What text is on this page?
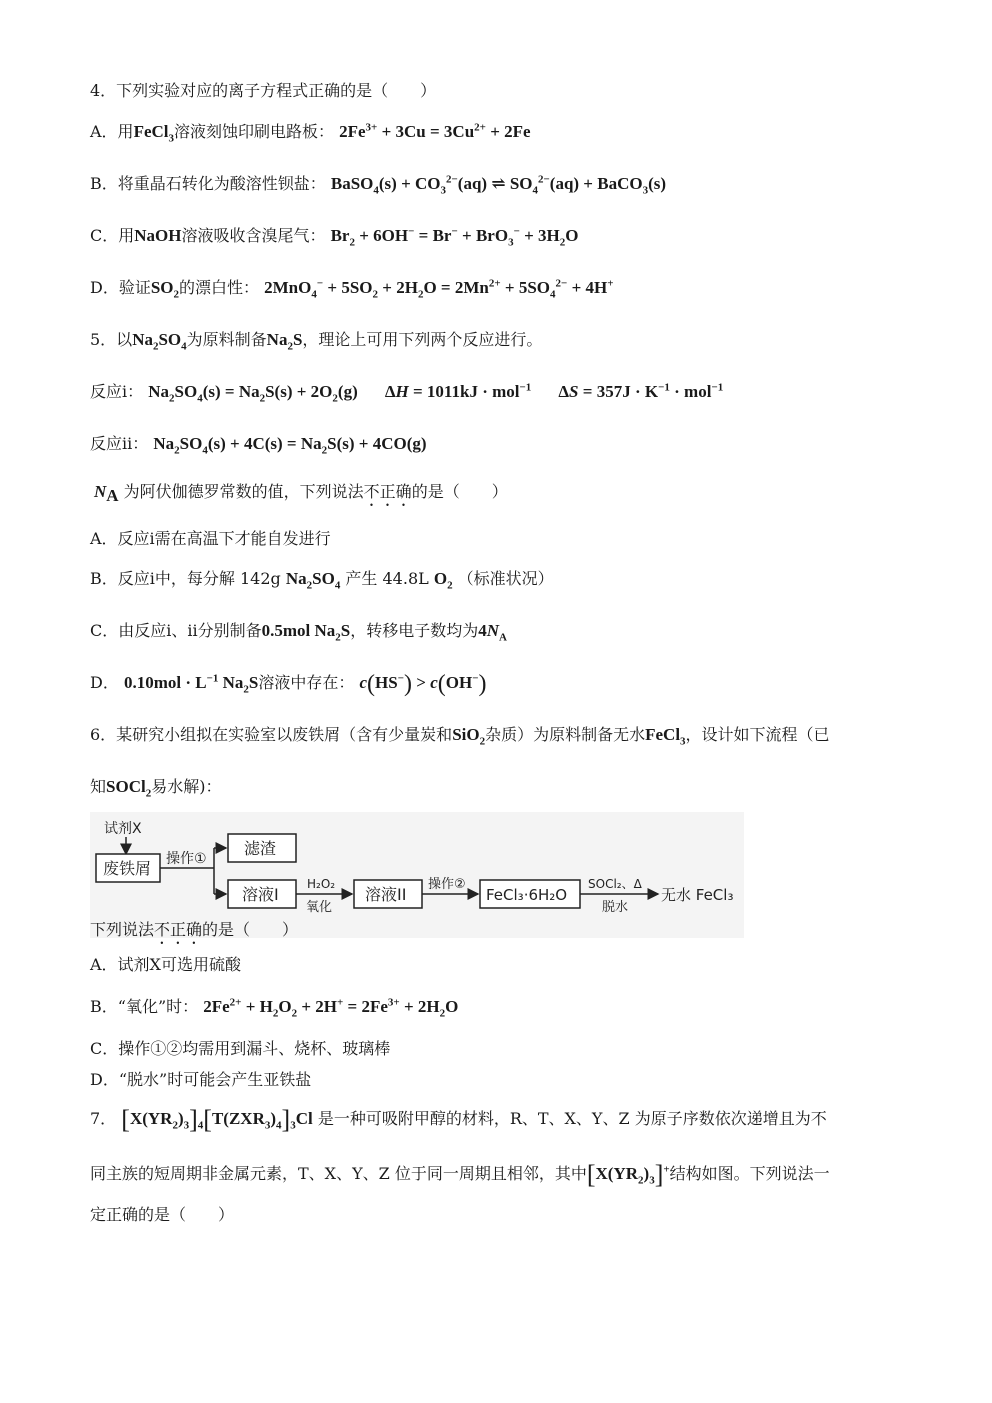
4．下列实验对应的离子方程式正确的是（　　）
A．用FeCl$_3$溶液刻蚀印刷电路板： $2Fe^{3+} + 3Cu = 3Cu^{2+} + 2Fe$
B．将重晶石转化为酸溶性钡盐： BaSO$_4$(s) + $CO_3^{2-}(aq)$ ⇌ $SO_4^{2-}(aq)$ + BaCO$_3$(s)
C．用NaOH溶液吸收含溴尾气： $Br_2 + 6OH^- = Br^- + BrO_3^- + 3H_2O$
D．验证$SO_2$的漂白性： $2MnO_4^- + 5SO_2 + 2H_2O = 2Mn^{2+} + 5SO_4^{2-} + 4H^+$
5．以$Na_2SO_4$为原料制备$Na_2S$，理论上可用下列两个反应进行。
反应i： $Na_2SO_4(s) = Na_2S(s) + 2O_2(g) \Delta H = 1011kJ \cdot mol^{-1}$ $\Delta S = 357J \cdot K^{-1} \cdot mol^{-1}$
反应ii： $Na_2SO_4(s) + 4C(s) = Na_2S(s) + 4CO(g)$
$N_A$ 为阿伏伽德罗常数的值，下列说法不正确的是（　　）
A．反应i需在高温下才能自发进行
B．反应i中，每分解 142g $Na_2SO_4$ 产生 44.8L $O_2$ （标准状况）
C．由反应i、ii分别制备0.5mol $Na_2S$，转移电子数均为$4N_A$
D． $0.10mol \cdot L^{-1}$ $Na_2S$溶液中存在： c(HS−) > c(OH−)
6．某研究小组拟在实验室以废铁屑（含有少量炭和SiO$_2$杂质）为原料制备无水FeCl$_3$，设计如下流程（已
知SOCl$_2$易水解)：
试剂X
废铁屑 操作①
滤渣
溶液I
H₂O₂
氧化
溶液II
操作②
FeCl₃·6H₂O
SOCl₂、Δ
脱水
无水 FeCl₃
下列说法不正确的是（　　）
A．试剂X可选用硫酸
B．“氧化”时： $2Fe^{2+} + H_2O_2 + 2H^+ = 2Fe^{3+} + 2H_2O$
C．操作①②均需用到漏斗、烧杯、玻璃棒
D．“脱水”时可能会产生亚铁盐
7． $[X(YR_2)_3]_4[T(ZXR_3)_4]_3Cl$ 是一种可吸附甲醇的材料，R、T、X、Y、Z 为原子序数依次递增且为不
同主族的短周期非金属元素，T、X、Y、Z 位于同一周期且相邻，其中$[X(YR_2)_3]^+$结构如图。下列说法一
定正确的是（　　）
